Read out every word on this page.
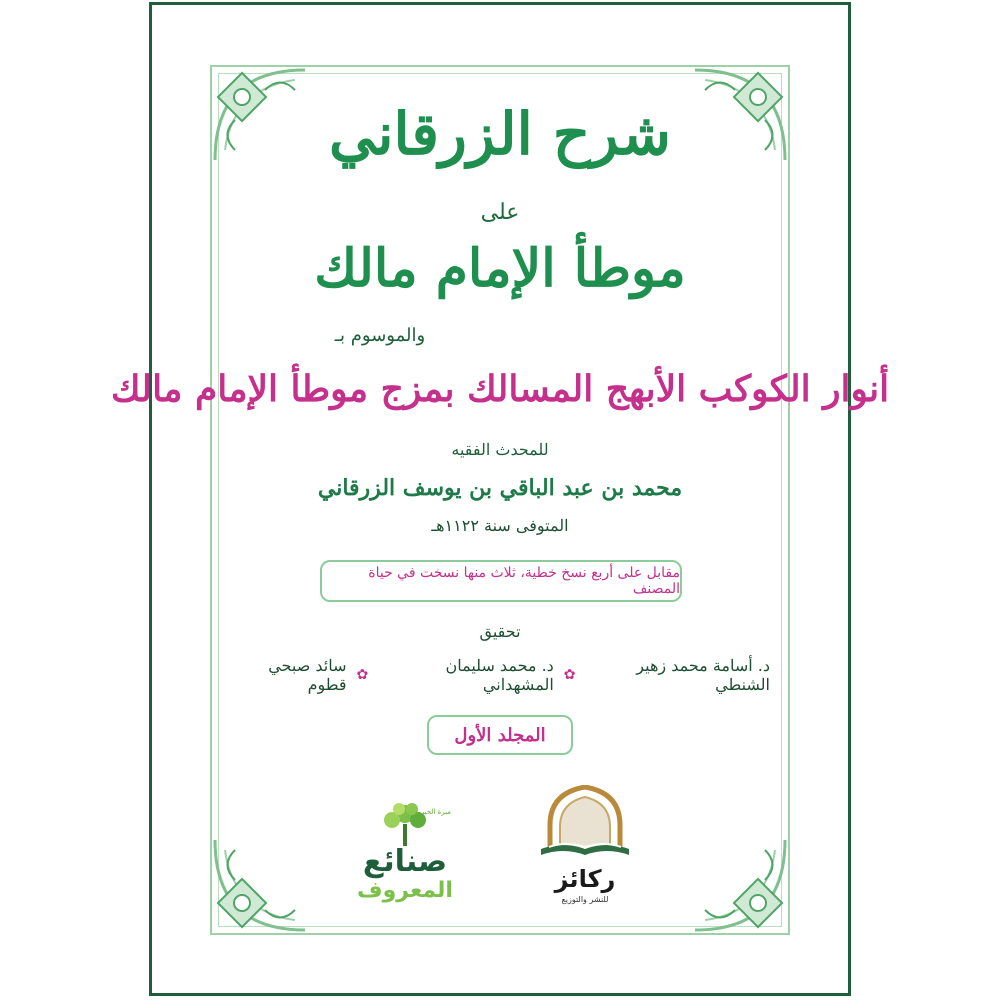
شرح الزرقاني
على
موطأ الإمام مالك
والموسوم بـ
أنوار الكوكب الأبهج المسالك بمزج موطأ الإمام مالك
للمحدث الفقيه
محمد بن عبد الباقي بن يوسف الزرقاني
المتوفى سنة ١١٢٢هـ
مقابل على أربع نسخ خطية، ثلاث منها نسخت في حياة المصنف
تحقيق
د. أسامة محمد زهير الشنطي
✿
د. محمد سليمان المشهداني
✿
سائد صبحي قطوم
المجلد الأول
مبرة الخيرية
صنائع
المعروف	ركائز
للنشر والتوزيع
